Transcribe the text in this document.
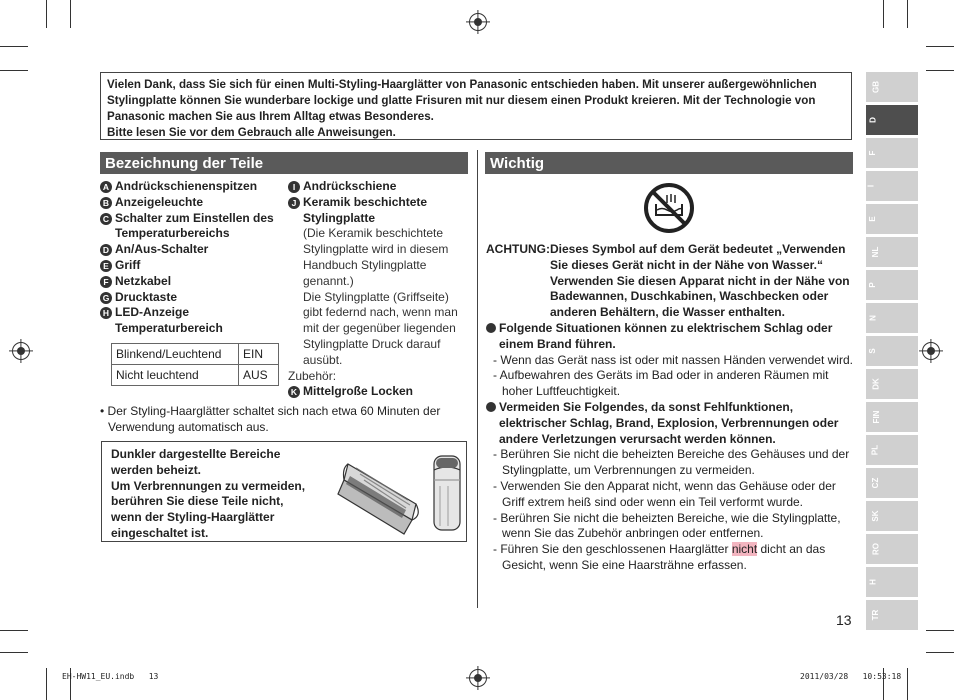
Vielen Dank, dass Sie sich für einen Multi-Styling-Haarglätter von Panasonic entschieden haben. Mit unserer außergewöhnlichen
Stylingplatte können Sie wunderbare lockige und glatte Frisuren mit nur diesem einen Produkt kreieren. Mit der Technologie von
Panasonic machen Sie aus Ihrem Alltag etwas Besonderes.
Bitte lesen Sie vor dem Gebrauch alle Anweisungen.
Bezeichnung der Teile
A Andrückschienenspitzen
B Anzeigeleuchte
C Schalter zum Einstellen des
Temperaturbereichs
D An/Aus-Schalter
E Griff
F Netzkabel
G Drucktaste
H LED-Anzeige
Temperaturbereich
Blinkend/Leuchtend	EIN
Nicht leuchtend	AUS
I Andrückschiene
J Keramik beschichtete
Stylingplatte
(Die Keramik beschichtete
Stylingplatte wird in diesem
Handbuch Stylingplatte
genannt.)
Die Stylingplatte (Griffseite)
gibt federnd nach, wenn man
mit der gegenüber liegenden
Stylingplatte Druck darauf
ausübt.
Zubehör:
K Mittelgroße Locken
• Der Styling-Haarglätter schaltet sich nach etwa 60 Minuten der
Verwendung automatisch aus.
Dunkler dargestellte Bereiche
werden beheizt.
Um Verbrennungen zu vermeiden,
berühren Sie diese Teile nicht,
wenn der Styling-Haarglätter
eingeschaltet ist.
Wichtig
ACHTUNG: Dieses Symbol auf dem Gerät bedeutet „Verwenden
Sie dieses Gerät nicht in der Nähe von Wasser.“
Verwenden Sie diesen Apparat nicht in der Nähe von
Badewannen, Duschkabinen, Waschbecken oder
anderen Behältern, die Wasser enthalten.
Folgende Situationen können zu elektrischem Schlag oder
einem Brand führen.
- Wenn das Gerät nass ist oder mit nassen Händen verwendet wird.
- Aufbewahren des Geräts im Bad oder in anderen Räumen mit
hoher Luftfeuchtigkeit.
Vermeiden Sie Folgendes, da sonst Fehlfunktionen,
elektrischer Schlag, Brand, Explosion, Verbrennungen oder
andere Verletzungen verursacht werden können.
- Berühren Sie nicht die beheizten Bereiche des Gehäuses und der
Stylingplatte, um Verbrennungen zu vermeiden.
- Verwenden Sie den Apparat nicht, wenn das Gehäuse oder der
Griff extrem heiß sind oder wenn ein Teil verformt wurde.
- Berühren Sie nicht die beheizten Bereiche, wie die Stylingplatte,
wenn Sie das Zubehör anbringen oder entfernen.
- Führen Sie den geschlossenen Haarglätter nicht dicht an das
Gesicht, wenn Sie eine Haarsträhne erfassen.
13
GB
D
F
I
E
NL
P
N
S
DK
FIN
PL
CZ
SK
RO
H
TR
EH-HW11_EU.indb   13	2011/03/28   10:53:18
